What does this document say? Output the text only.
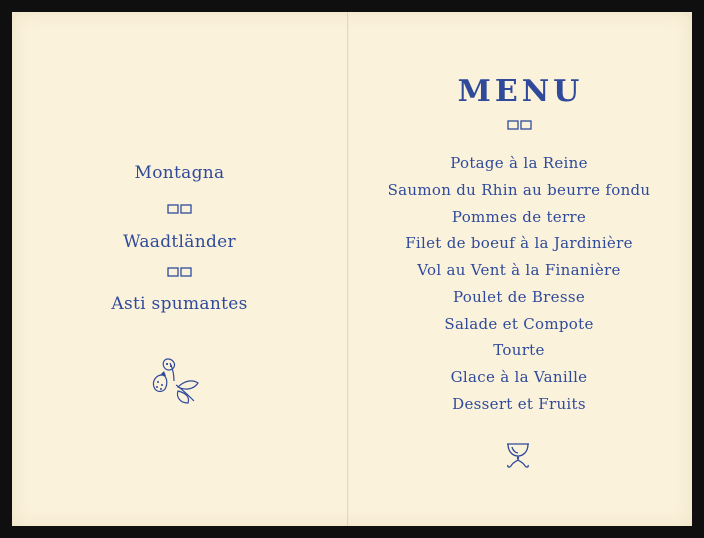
Montagna
Waadtländer
Asti spumantes
MENU
Potage à la Reine
Saumon du Rhin au beurre fondu
Pommes de terre
Filet de boeuf à la Jardinière
Vol au Vent à la Finanière
Poulet de Bresse
Salade et Compote
Tourte
Glace à la Vanille
Dessert et Fruits
